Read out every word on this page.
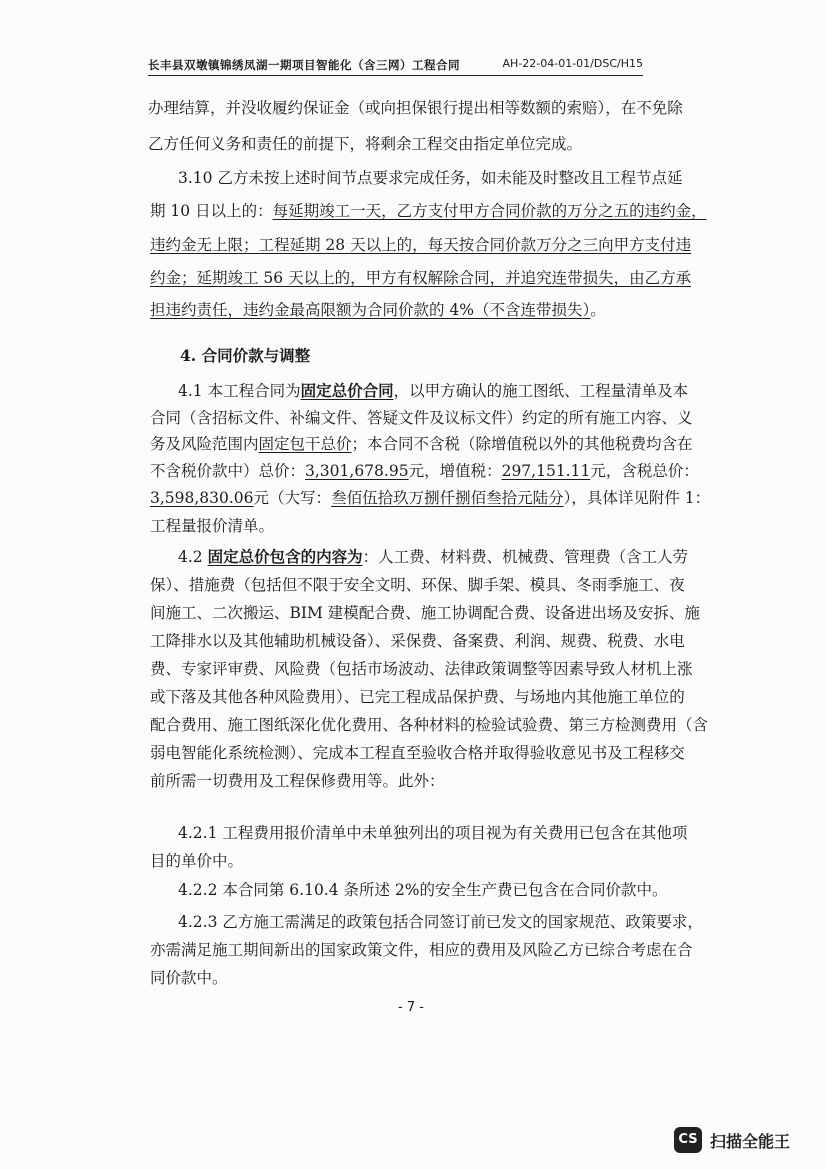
长丰县双墩镇锦绣凤湖一期项目智能化（含三网）工程合同	AH-22-04-01-01/DSC/H15
办理结算，并没收履约保证金（或向担保银行提出相等数额的索赔），在不免除
乙方任何义务和责任的前提下，将剩余工程交由指定单位完成。
3.10 乙方未按上述时间节点要求完成任务，如未能及时整改且工程节点延
期 10 日以上的：每延期竣工一天，乙方支付甲方合同价款的万分之五的违约金，
违约金无上限；工程延期 28 天以上的，每天按合同价款万分之三向甲方支付违
约金；延期竣工 56 天以上的，甲方有权解除合同，并追究连带损失，由乙方承
担违约责任，违约金最高限额为合同价款的 4%（不含连带损失）。
4. 合同价款与调整
4.1 本工程合同为固定总价合同，以甲方确认的施工图纸、工程量清单及本
合同（含招标文件、补编文件、答疑文件及议标文件）约定的所有施工内容、义
务及风险范围内固定包干总价；本合同不含税（除增值税以外的其他税费均含在
不含税价款中）总价：3,301,678.95元，增值税：297,151.11元，含税总价：
3,598,830.06元（大写：叁佰伍拾玖万捌仟捌佰叁拾元陆分），具体详见附件 1：
工程量报价清单。
4.2 固定总价包含的内容为：人工费、材料费、机械费、管理费（含工人劳
保）、措施费（包括但不限于安全文明、环保、脚手架、模具、冬雨季施工、夜
间施工、二次搬运、BIM 建模配合费、施工协调配合费、设备进出场及安拆、施
工降排水以及其他辅助机械设备）、采保费、备案费、利润、规费、税费、水电
费、专家评审费、风险费（包括市场波动、法律政策调整等因素导致人材机上涨
或下落及其他各种风险费用）、已完工程成品保护费、与场地内其他施工单位的
配合费用、施工图纸深化优化费用、各种材料的检验试验费、第三方检测费用（含
弱电智能化系统检测）、完成本工程直至验收合格并取得验收意见书及工程移交
前所需一切费用及工程保修费用等。此外：
4.2.1 工程费用报价清单中未单独列出的项目视为有关费用已包含在其他项
目的单价中。
4.2.2 本合同第 6.10.4 条所述 2%的安全生产费已包含在合同价款中。
4.2.3 乙方施工需满足的政策包括合同签订前已发文的国家规范、政策要求，
亦需满足施工期间新出的国家政策文件，相应的费用及风险乙方已综合考虑在合
同价款中。
- 7 -
CS 扫描全能王
